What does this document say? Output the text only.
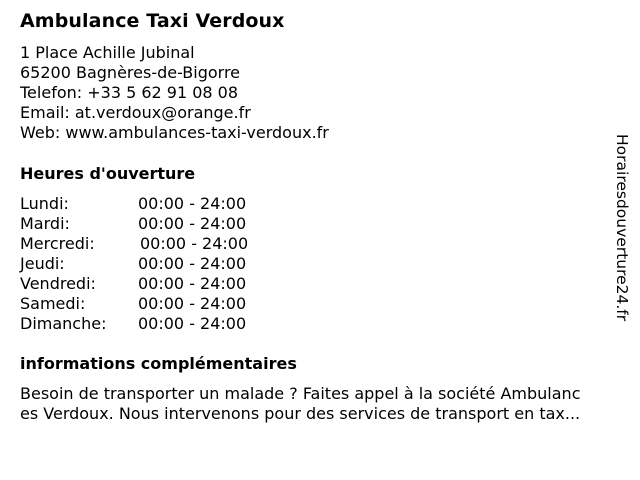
Ambulance Taxi Verdoux
1 Place Achille Jubinal
65200 Bagnères-de-Bigorre
Telefon: +33 5 62 91 08 08
Email: at.verdoux@orange.fr
Web: www.ambulances-taxi-verdoux.fr
Heures d'ouverture
Lundi:	00:00 - 24:00
Mardi:	00:00 - 24:00
Mercredi:	00:00 - 24:00
Jeudi:	00:00 - 24:00
Vendredi:	00:00 - 24:00
Samedi:	00:00 - 24:00
Dimanche: 00:00 - 24:00
informations complémentaires
Besoin de transporter un malade ? Faites appel à la société Ambulanc
es Verdoux. Nous intervenons pour des services de transport en tax...
Horairesdouverture24.fr
